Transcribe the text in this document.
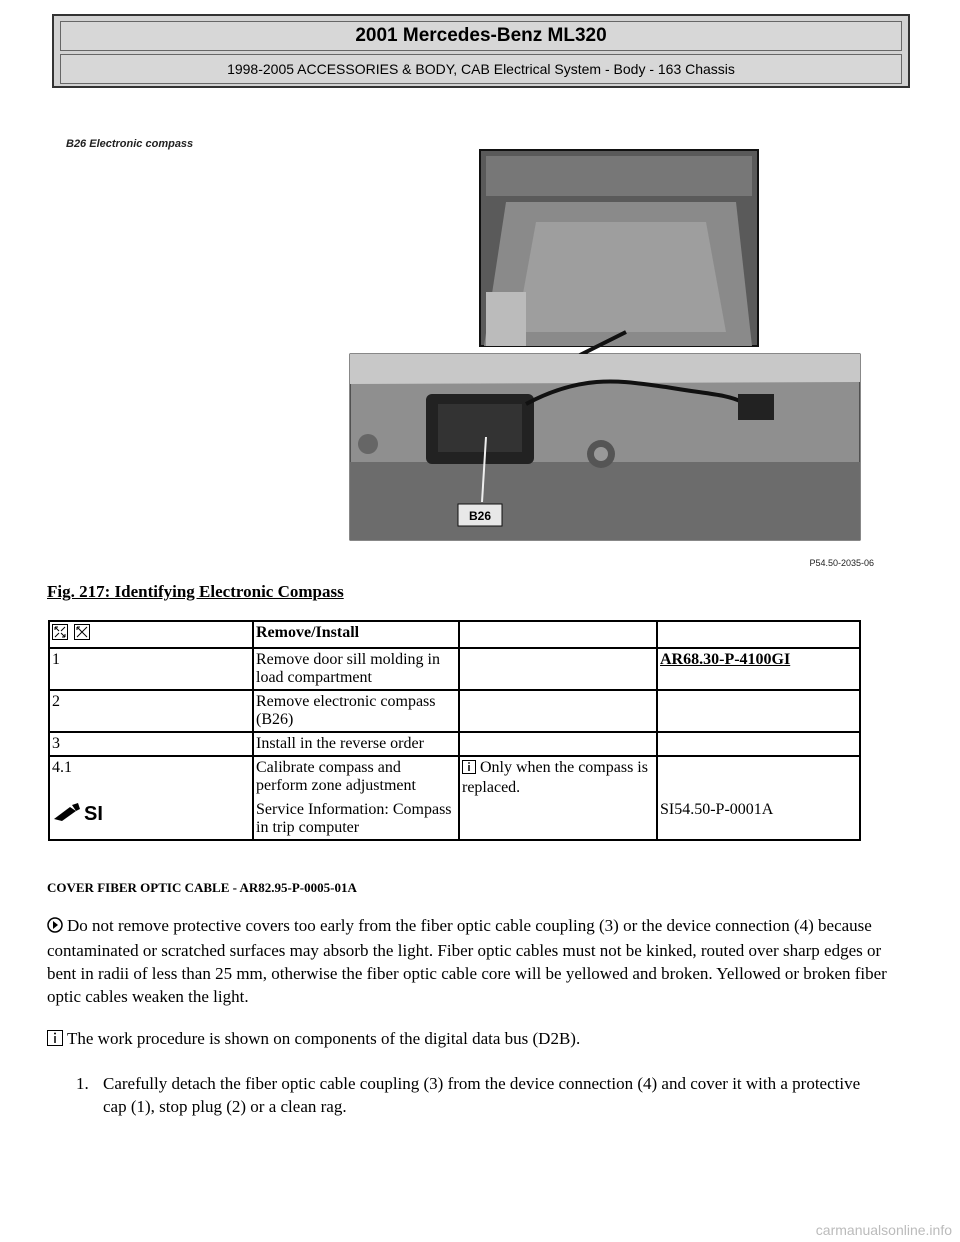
2001 Mercedes-Benz ML320
1998-2005 ACCESSORIES & BODY, CAB Electrical System - Body - 163 Chassis
B26 Electronic compass
B26
P54.50-2035-06
Fig. 217: Identifying Electronic Compass
	Remove/Install		
1	Remove door sill molding in load compartment		AR68.30-P-4100GI
2	Remove electronic compass (B26)		
3	Install in the reverse order		
4.1	Calibrate compass and perform zone adjustment	Only when the compass is replaced.	

SI	Service Information: Compass in trip computer		SI54.50-P-0001A
COVER FIBER OPTIC CABLE - AR82.95-P-0005-01A
Do not remove protective covers too early from the fiber optic cable coupling (3) or the device connection (4) because contaminated or scratched surfaces may absorb the light. Fiber optic cables must not be kinked, routed over sharp edges or bent in radii of less than 25 mm, otherwise the fiber optic cable core will be yellowed and broken. Yellowed or broken fiber optic cables weaken the light.
The work procedure is shown on components of the digital data bus (D2B).
1. Carefully detach the fiber optic cable coupling (3) from the device connection (4) and cover it with a protective cap (1), stop plug (2) or a clean rag.
carmanualsonline.info
